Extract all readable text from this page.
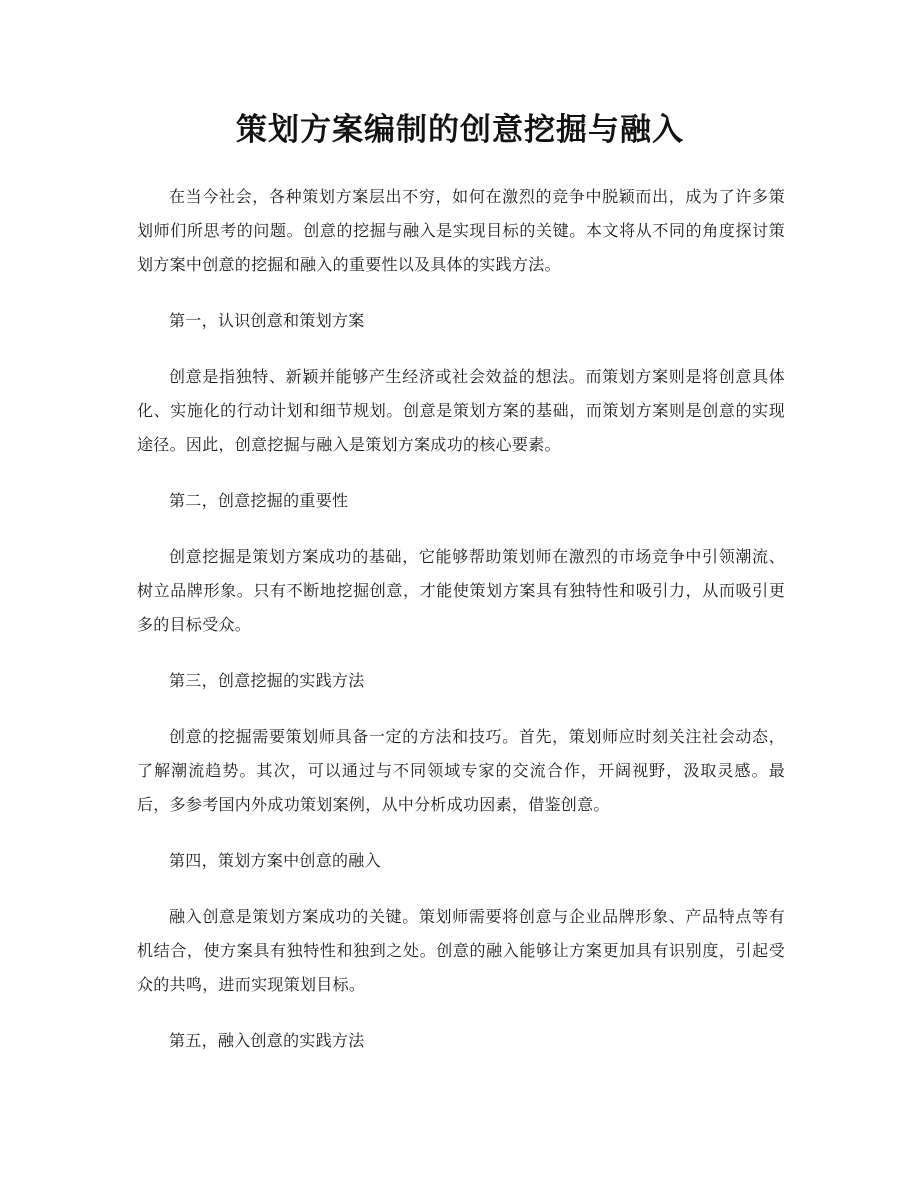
策划方案编制的创意挖掘与融入

在当今社会，各种策划方案层出不穷，如何在激烈的竞争中脱颖而出，成为了许多策划师们所思考的问题。创意的挖掘与融入是实现目标的关键。本文将从不同的角度探讨策划方案中创意的挖掘和融入的重要性以及具体的实践方法。

第一，认识创意和策划方案

创意是指独特、新颖并能够产生经济或社会效益的想法。而策划方案则是将创意具体化、实施化的行动计划和细节规划。创意是策划方案的基础，而策划方案则是创意的实现途径。因此，创意挖掘与融入是策划方案成功的核心要素。

第二，创意挖掘的重要性

创意挖掘是策划方案成功的基础，它能够帮助策划师在激烈的市场竞争中引领潮流、树立品牌形象。只有不断地挖掘创意，才能使策划方案具有独特性和吸引力，从而吸引更多的目标受众。

第三，创意挖掘的实践方法

创意的挖掘需要策划师具备一定的方法和技巧。首先，策划师应时刻关注社会动态，了解潮流趋势。其次，可以通过与不同领域专家的交流合作，开阔视野，汲取灵感。最后，多参考国内外成功策划案例，从中分析成功因素，借鉴创意。

第四，策划方案中创意的融入

融入创意是策划方案成功的关键。策划师需要将创意与企业品牌形象、产品特点等有机结合，使方案具有独特性和独到之处。创意的融入能够让方案更加具有识别度，引起受众的共鸣，进而实现策划目标。

第五，融入创意的实践方法
